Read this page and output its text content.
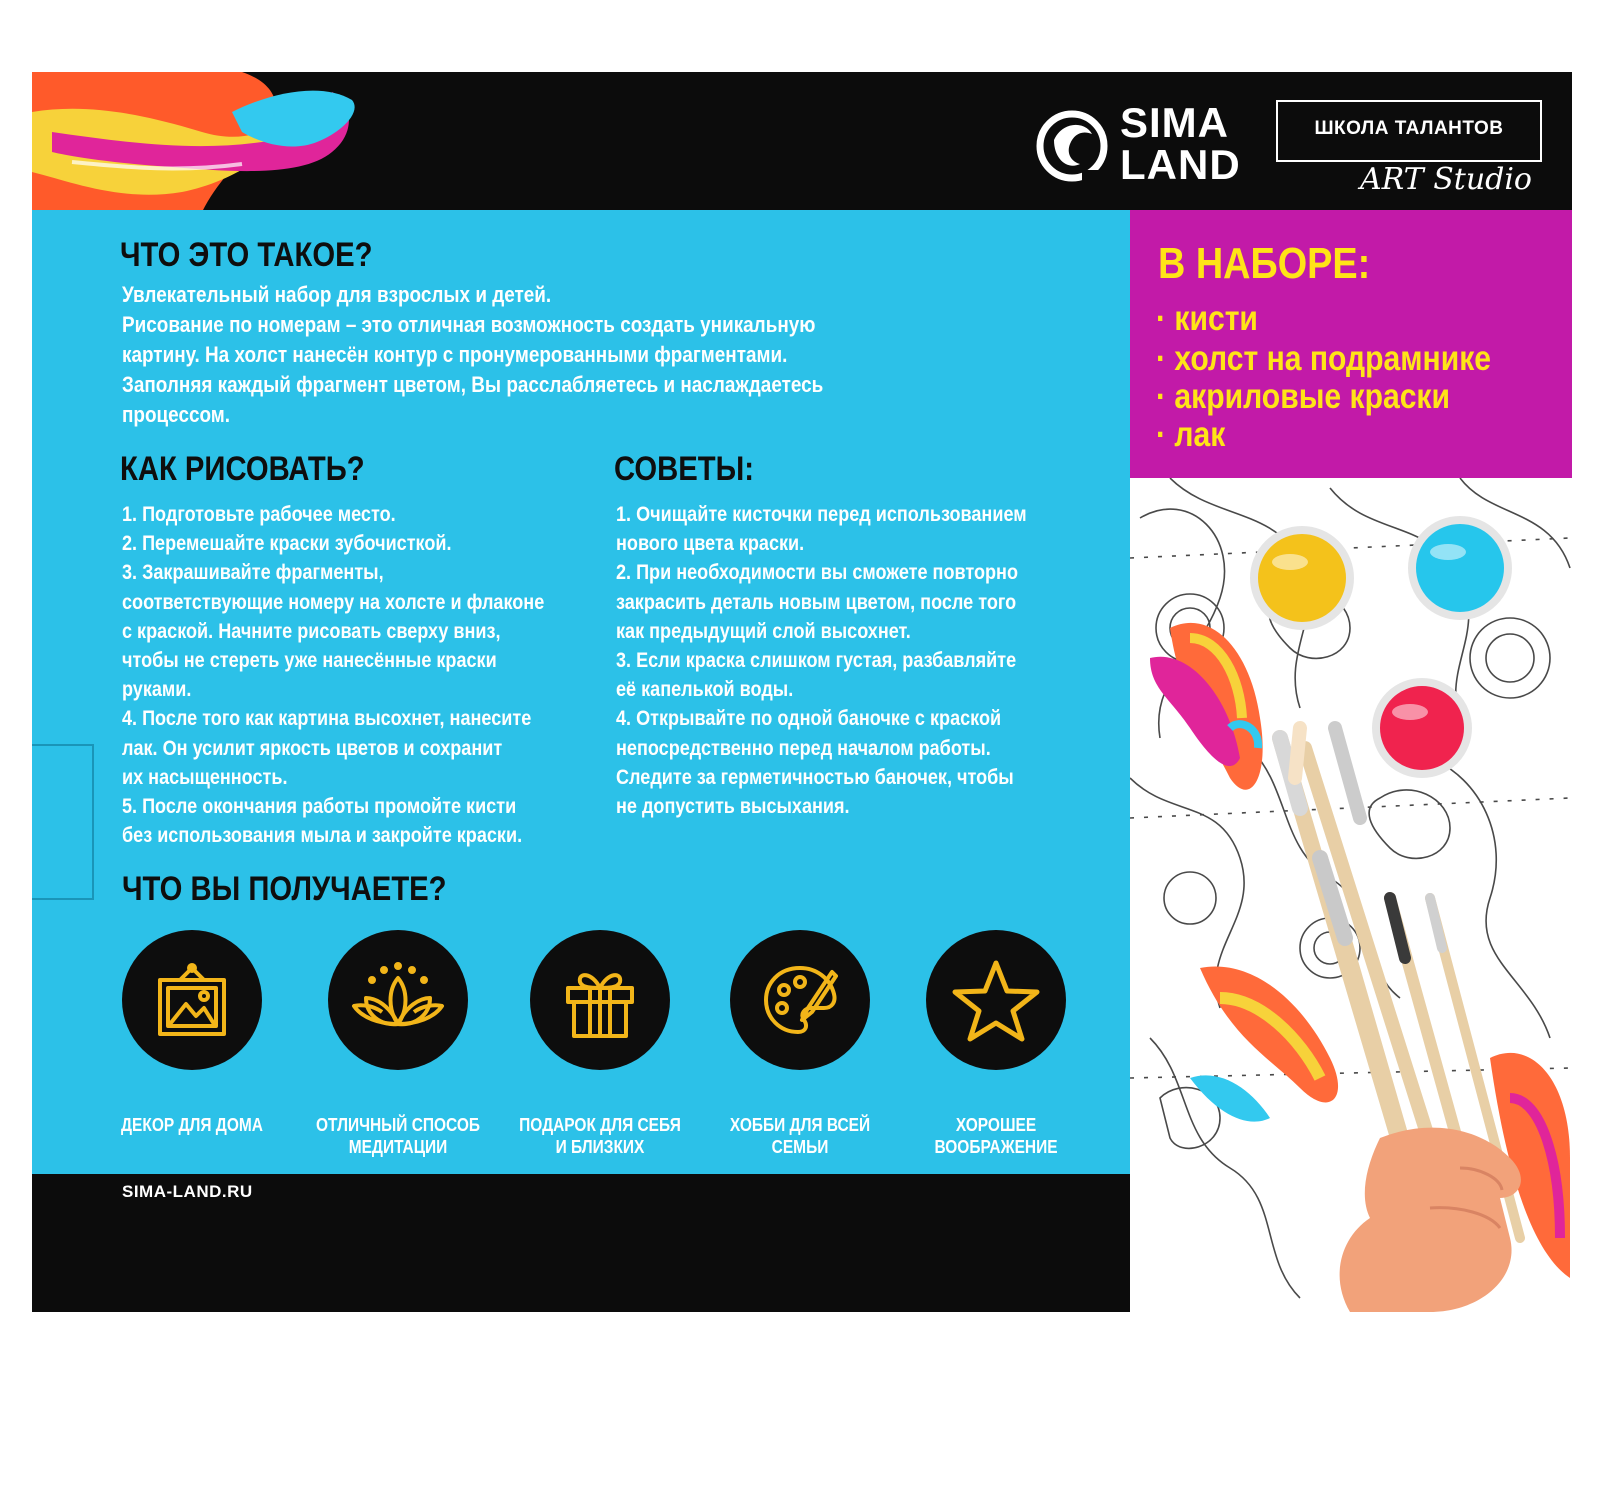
SIMA
LAND
ШКОЛА ТАЛАНТОВ
ART Studio
ЧТО ЭТО ТАКОЕ?
Увлекательный набор для взрослых и детей.
Рисование по номерам – это отличная возможность создать уникальную
картину. На холст нанесён контур с пронумерованными фрагментами.
Заполняя каждый фрагмент цветом, Вы расслабляетесь и наслаждаетесь
процессом.
КАК РИСОВАТЬ?
1. Подготовьте рабочее место.
2. Перемешайте краски зубочисткой.
3. Закрашивайте фрагменты,
соответствующие номеру на холсте и флаконе
с краской. Начните рисовать сверху вниз,
чтобы не стереть уже нанесённые краски
руками.
4. После того как картина высохнет, нанесите
лак. Он усилит яркость цветов и сохранит
их насыщенность.
5. После окончания работы промойте кисти
без использования мыла и закройте краски.
СОВЕТЫ:
1. Очищайте кисточки перед использованием
нового цвета краски.
2. При необходимости вы сможете повторно
закрасить деталь новым цветом, после того
как предыдущий слой высохнет.
3. Если краска слишком густая, разбавляйте
её капелькой воды.
4. Открывайте по одной баночке с краской
непосредственно перед началом работы.
Следите за герметичностью баночек, чтобы
не допустить высыхания.
ЧТО ВЫ ПОЛУЧАЕТЕ?
ДЕКОР ДЛЯ ДОМА	ОТЛИЧНЫЙ СПОСОБ
МЕДИТАЦИИ
ПОДАРОК ДЛЯ СЕБЯ
И БЛИЗКИХ
ХОББИ ДЛЯ ВСЕЙ
СЕМЬИ
ХОРОШЕЕ
ВООБРАЖЕНИЕ
В НАБОРЕ:
· кисти
· холст на подрамнике
· акриловые краски
· лак
SIMA-LAND.RU
